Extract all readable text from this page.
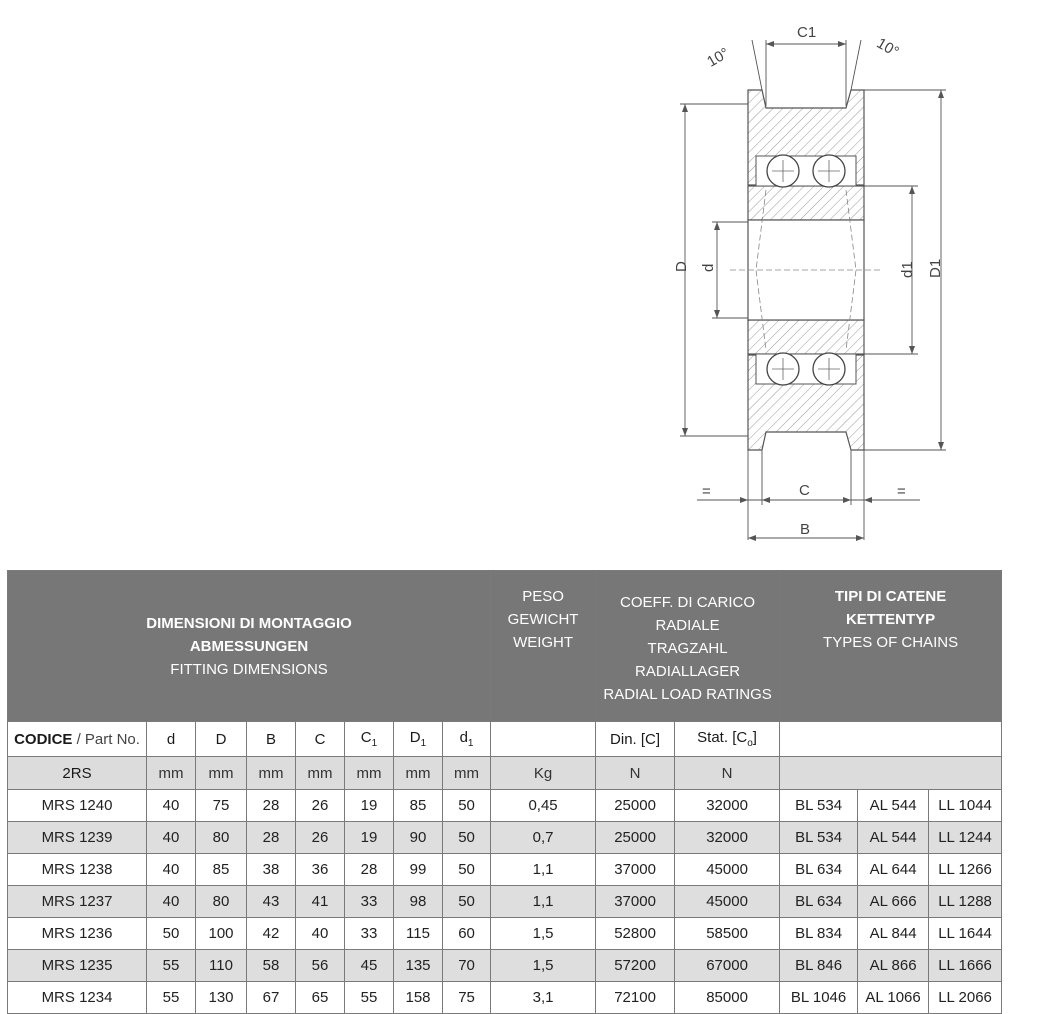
10°
C1
10°
D d	d1 D1
=	C	=
B
DIMENSIONI DI MONTAGGIO
ABMESSUNGEN
FITTING DIMENSIONS								PESO
GEWICHT
WEIGHT	COEFF. DI CARICO
RADIALE
TRAGZAHL
RADIALLAGER
RADIAL LOAD RATINGS		TIPI DI CATENE
KETTENTYP
TYPES OF CHAINS		
CODICE / Part No.	d	D	B	C	$C_1$	$D_1$	$d_1$		Din. [C]	Stat. $[C_o]$			
2RS	mm	mm	mm	mm	mm	mm	mm	Kg	N	N			
MRS 1240	40	75	28	26	19	85	50	0,45	25000	32000	BL 534	AL 544	LL 1044
MRS 1239	40	80	28	26	19	90	50	0,7	25000	32000	BL 534	AL 544	LL 1244
MRS 1238	40	85	38	36	28	99	50	1,1	37000	45000	BL 634	AL 644	LL 1266
MRS 1237	40	80	43	41	33	98	50	1,1	37000	45000	BL 634	AL 666	LL 1288
MRS 1236	50	100	42	40	33	115	60	1,5	52800	58500	BL 834	AL 844	LL 1644
MRS 1235	55	110	58	56	45	135	70	1,5	57200	67000	BL 846	AL 866	LL 1666
MRS 1234	55	130	67	65	55	158	75	3,1	72100	85000	BL 1046	AL 1066	LL 2066
